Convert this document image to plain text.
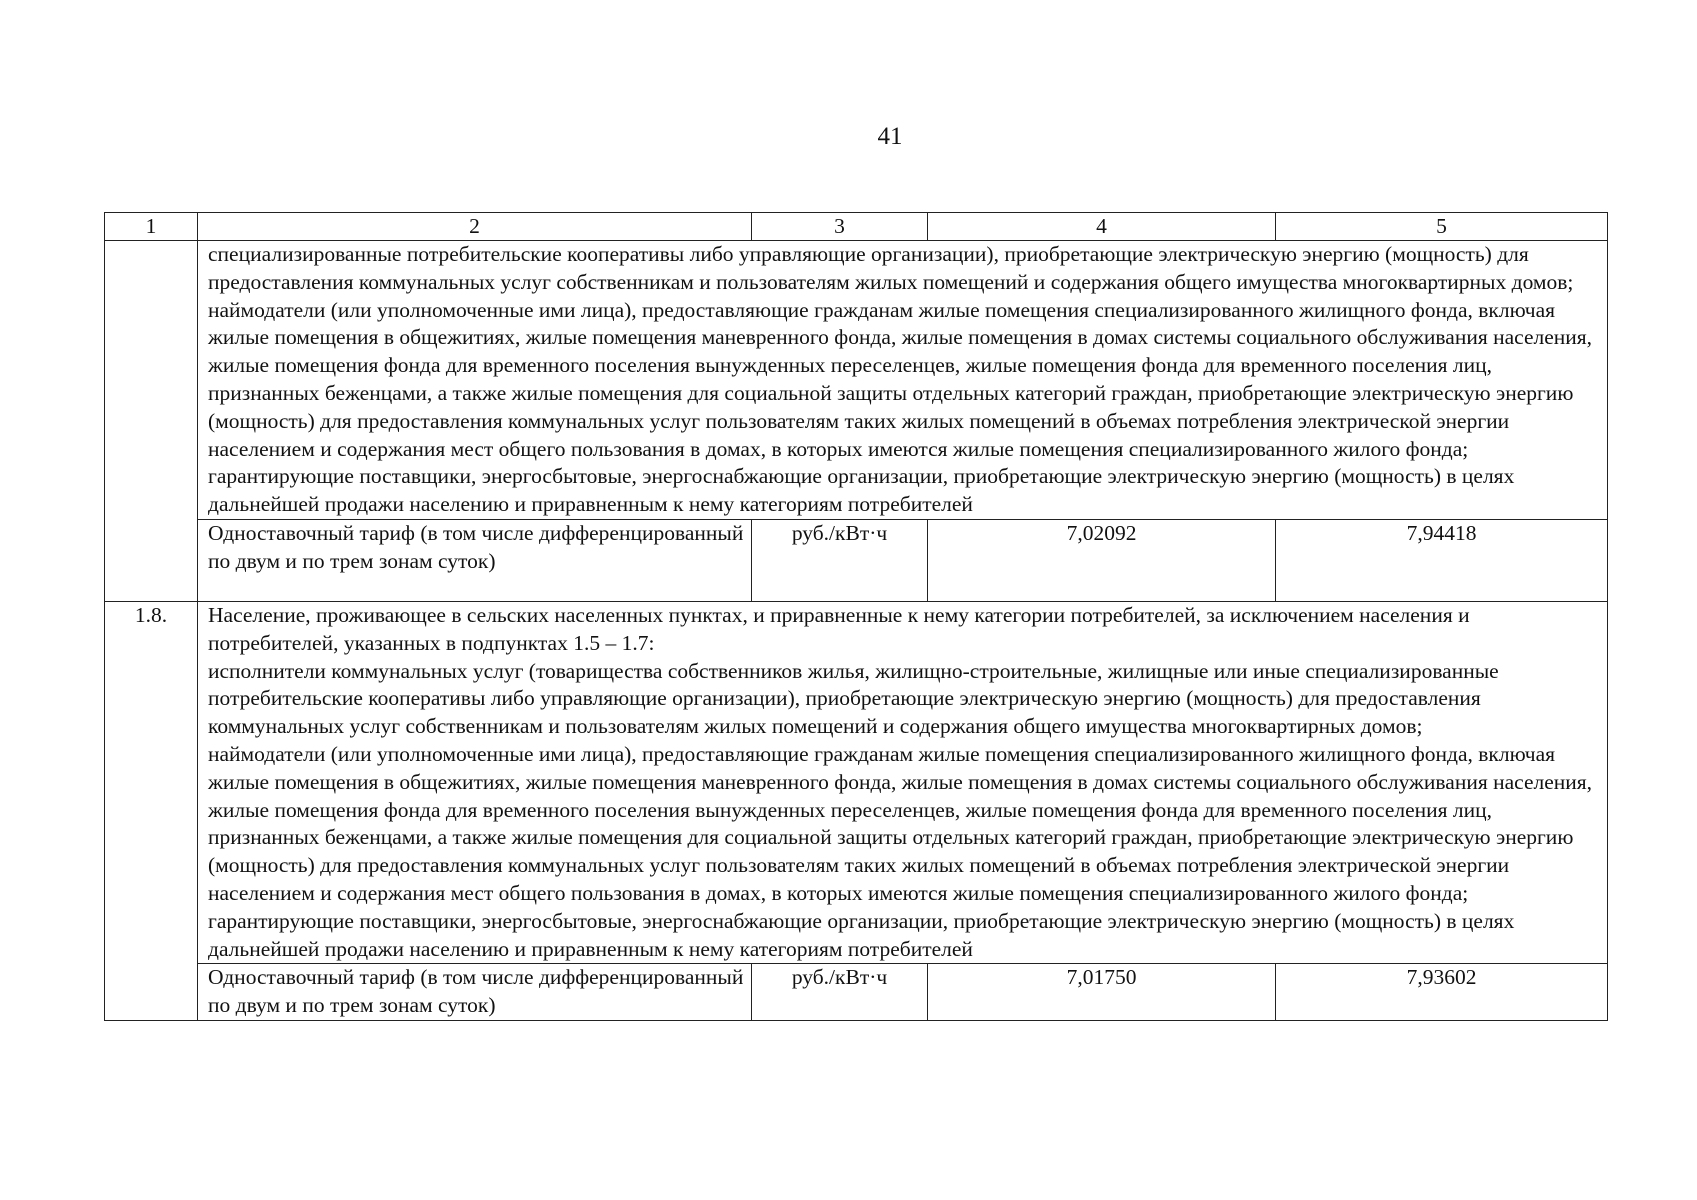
41
1	2	3	4	5

	специализированные потребительские кооперативы либо управляющие организации), приобретающие электрическую энергию (мощность) для предоставления коммунальных услуг собственникам и пользователям жилых помещений и содержания общего имущества многоквартирных домов;
наймодатели (или уполномоченные ими лица), предоставляющие гражданам жилые помещения специализированного жилищного фонда, включая жилые помещения в общежитиях, жилые помещения маневренного фонда, жилые помещения в домах системы социального обслуживания населения, жилые помещения фонда для временного поселения вынужденных переселенцев, жилые помещения фонда для временного поселения лиц, признанных беженцами, а также жилые помещения для социальной защиты отдельных категорий граждан, приобретающие электрическую энергию (мощность) для предоставления коммунальных услуг пользователям таких жилых помещений в объемах потребления электрической энергии населением и содержания мест общего пользования в домах, в которых имеются жилые помещения специализированного жилого фонда; гарантирующие поставщики, энергосбытовые, энергоснабжающие организации, приобретающие электрическую энергию (мощность) в целях дальнейшей продажи населению и приравненным к нему категориям потребителей			

	Одноставочный тариф (в том числе дифференцированный по двум и по трем зонам суток)	руб./кВт·ч	7,02092	7,94418
1.8.	Население, проживающее в сельских населенных пунктах, и приравненные к нему категории потребителей, за исключением населения и потребителей, указанных в подпунктах 1.5 – 1.7:
исполнители коммунальных услуг (товарищества собственников жилья, жилищно-строительные, жилищные или иные специализированные потребительские кооперативы либо управляющие организации), приобретающие электрическую энергию (мощность) для предоставления коммунальных услуг собственникам и пользователям жилых помещений и содержания общего имущества многоквартирных домов;
наймодатели (или уполномоченные ими лица), предоставляющие гражданам жилые помещения специализированного жилищного фонда, включая жилые помещения в общежитиях, жилые помещения маневренного фонда, жилые помещения в домах системы социального обслуживания населения, жилые помещения фонда для временного поселения вынужденных переселенцев, жилые помещения фонда для временного поселения лиц, признанных беженцами, а также жилые помещения для социальной защиты отдельных категорий граждан, приобретающие электрическую энергию (мощность) для предоставления коммунальных услуг пользователям таких жилых помещений в объемах потребления электрической энергии населением и содержания мест общего пользования в домах, в которых имеются жилые помещения специализированного жилого фонда;
гарантирующие поставщики, энергосбытовые, энергоснабжающие организации, приобретающие электрическую энергию (мощность) в целях дальнейшей продажи населению и приравненным к нему категориям потребителей			

	Одноставочный тариф (в том числе дифференцированный по двум и по трем зонам суток)	руб./кВт·ч	7,01750	7,93602
